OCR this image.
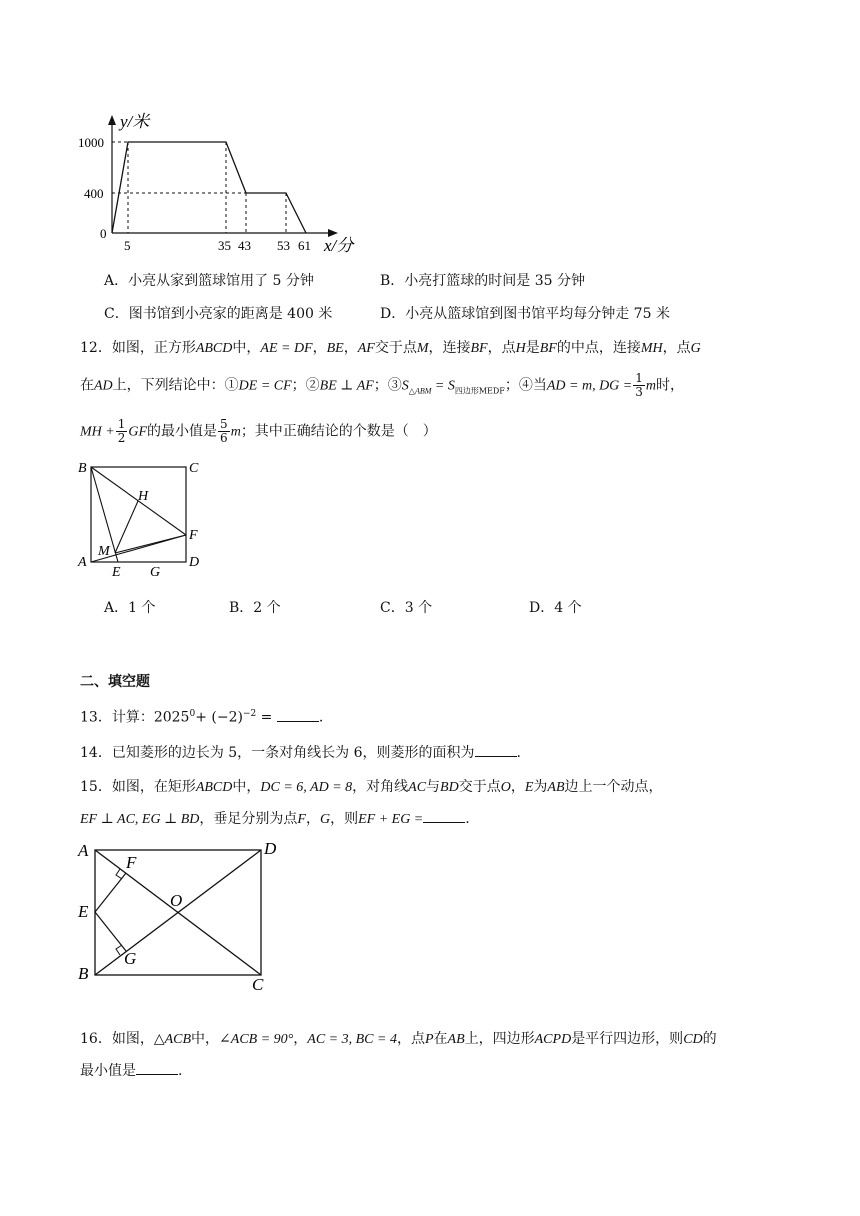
y/米
1000
400
0
5	35 43 53 61 x/分
A．小亮从家到篮球馆用了 5 分钟	B．小亮打篮球的时间是 35 分钟
C．图书馆到小亮家的距离是 400 米	D．小亮从篮球馆到图书馆平均每分钟走 75 米
12．如图，正方形ABCD中，AE = DF，BE，AF交于点M，连接BF，点H是BF的中点，连接MH，点G
在AD上，下列结论中：①DE = CF；②BE ⊥ AF；$③S_{\triangle ABM} = S_{四边形MEDF}$；④当AD = m, DG = $\frac{1}{3}$ m时，
MH + $\frac{1}{2}$ GF的最小值是 $\frac{5}{6}$ m；其中正确结论的个数是（　）
B	C
H
F
M
A
E G
D
A．1 个	B．2 个	C．3 个	D．4 个
二、填空题
13．计算：$2025^0+ (-2)^{-2}$ =	.
14．已知菱形的边长为 5，一条对角线长为 6，则菱形的面积为	.
15．如图，在矩形ABCD中，DC = 6, AD = 8，对角线AC与BD交于点O，E为AB边上一个动点，
EF ⊥ AC, EG ⊥ BD，垂足分别为点F，G，则EF + EG =	.
A
F
D
E
O
G
B
C
16．如图，△ACB中，∠ACB = 90°，AC = 3, BC = 4，点P在AB上，四边形ACPD是平行四边形，则CD的
最小值是	.
